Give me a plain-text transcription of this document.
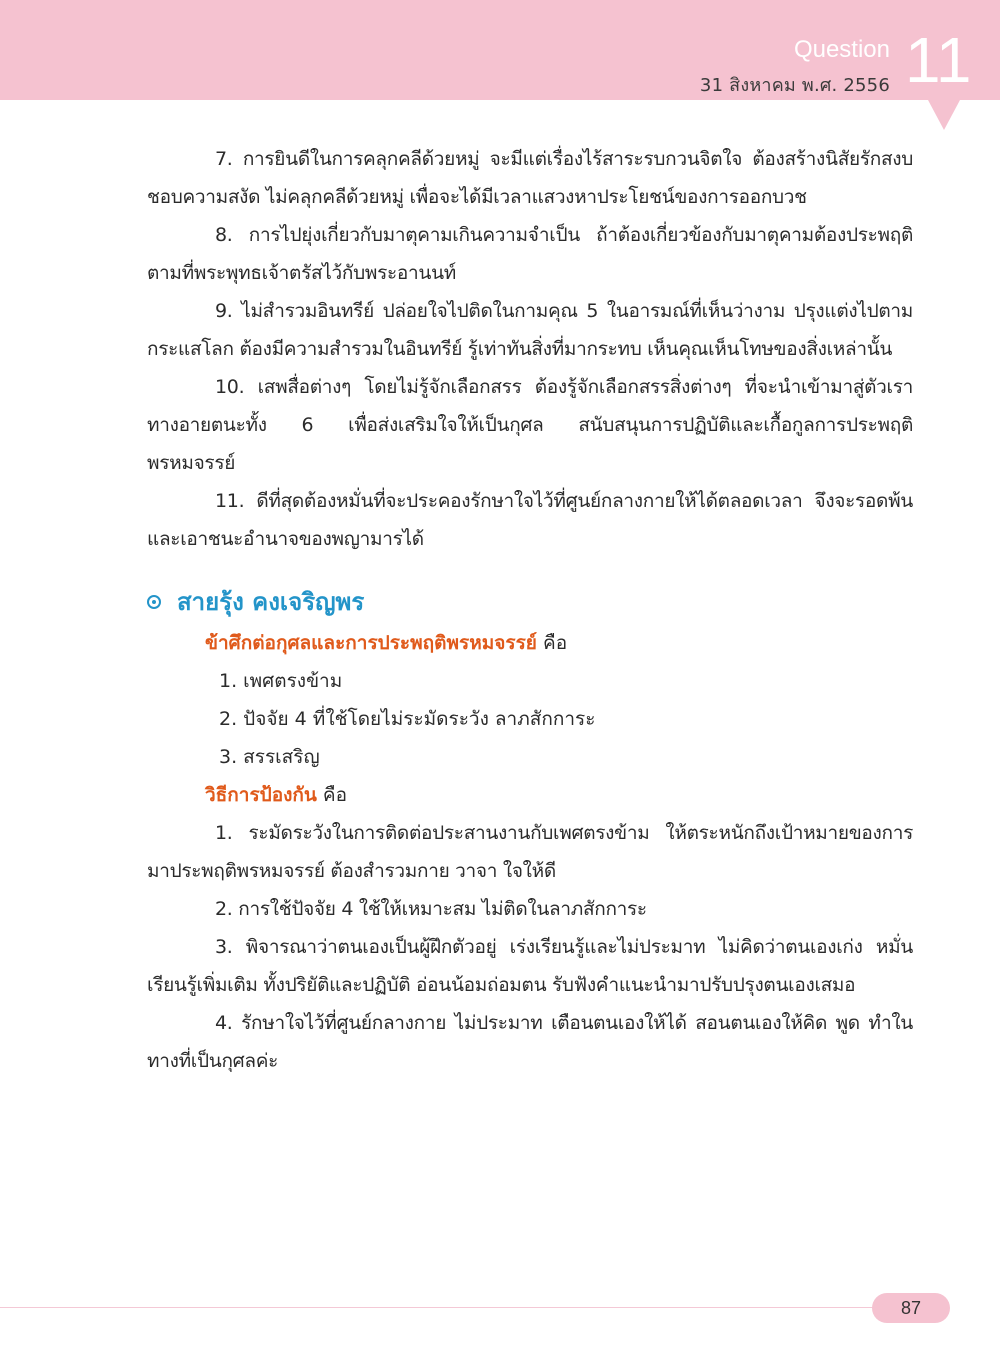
Question
31 สิงหาคม พ.ศ. 2556 11

7. การยินดีในการคลุกคลีด้วยหมู่ จะมีแต่เรื่องไร้สาระรบกวนจิตใจ ต้องสร้างนิสัยรักสงบ ชอบความสงัด ไม่คลุกคลีด้วยหมู่ เพื่อจะได้มีเวลาแสวงหาประโยชน์ของการออกบวช

8. การไปยุ่งเกี่ยวกับมาตุคามเกินความจำเป็น ถ้าต้องเกี่ยวข้องกับมาตุคามต้องประพฤติตามที่พระพุทธเจ้าตรัสไว้กับพระอานนท์

9. ไม่สำรวมอินทรีย์ ปล่อยใจไปติดในกามคุณ 5 ในอารมณ์ที่เห็นว่างาม ปรุงแต่งไปตามกระแสโลก ต้องมีความสำรวมในอินทรีย์ รู้เท่าทันสิ่งที่มากระทบ เห็นคุณเห็นโทษของสิ่งเหล่านั้น

10. เสพสื่อต่างๆ โดยไม่รู้จักเลือกสรร ต้องรู้จักเลือกสรรสิ่งต่างๆ ที่จะนำเข้ามาสู่ตัวเราทางอายตนะทั้ง 6 เพื่อส่งเสริมใจให้เป็นกุศล สนับสนุนการปฏิบัติและเกื้อกูลการประพฤติพรหมจรรย์

11. ดีที่สุดต้องหมั่นที่จะประคองรักษาใจไว้ที่ศูนย์กลางกายให้ได้ตลอดเวลา จึงจะรอดพ้นและเอาชนะอำนาจของพญามารได้

สายรุ้ง คงเจริญพร

ข้าศึกต่อกุศลและการประพฤติพรหมจรรย์ คือ

1. เพศตรงข้าม

2. ปัจจัย 4 ที่ใช้โดยไม่ระมัดระวัง ลาภสักการะ

3. สรรเสริญ

วิธีการป้องกัน คือ

1. ระมัดระวังในการติดต่อประสานงานกับเพศตรงข้าม ให้ตระหนักถึงเป้าหมายของการมาประพฤติพรหมจรรย์ ต้องสำรวมกาย วาจา ใจให้ดี

2. การใช้ปัจจัย 4 ใช้ให้เหมาะสม ไม่ติดในลาภสักการะ

3. พิจารณาว่าตนเองเป็นผู้ฝึกตัวอยู่ เร่งเรียนรู้และไม่ประมาท ไม่คิดว่าตนเองเก่ง หมั่นเรียนรู้เพิ่มเติม ทั้งปริยัติและปฏิบัติ อ่อนน้อมถ่อมตน รับฟังคำแนะนำมาปรับปรุงตนเองเสมอ

4. รักษาใจไว้ที่ศูนย์กลางกาย ไม่ประมาท เตือนตนเองให้ได้ สอนตนเองให้คิด พูด ทำในทางที่เป็นกุศลค่ะ

87
